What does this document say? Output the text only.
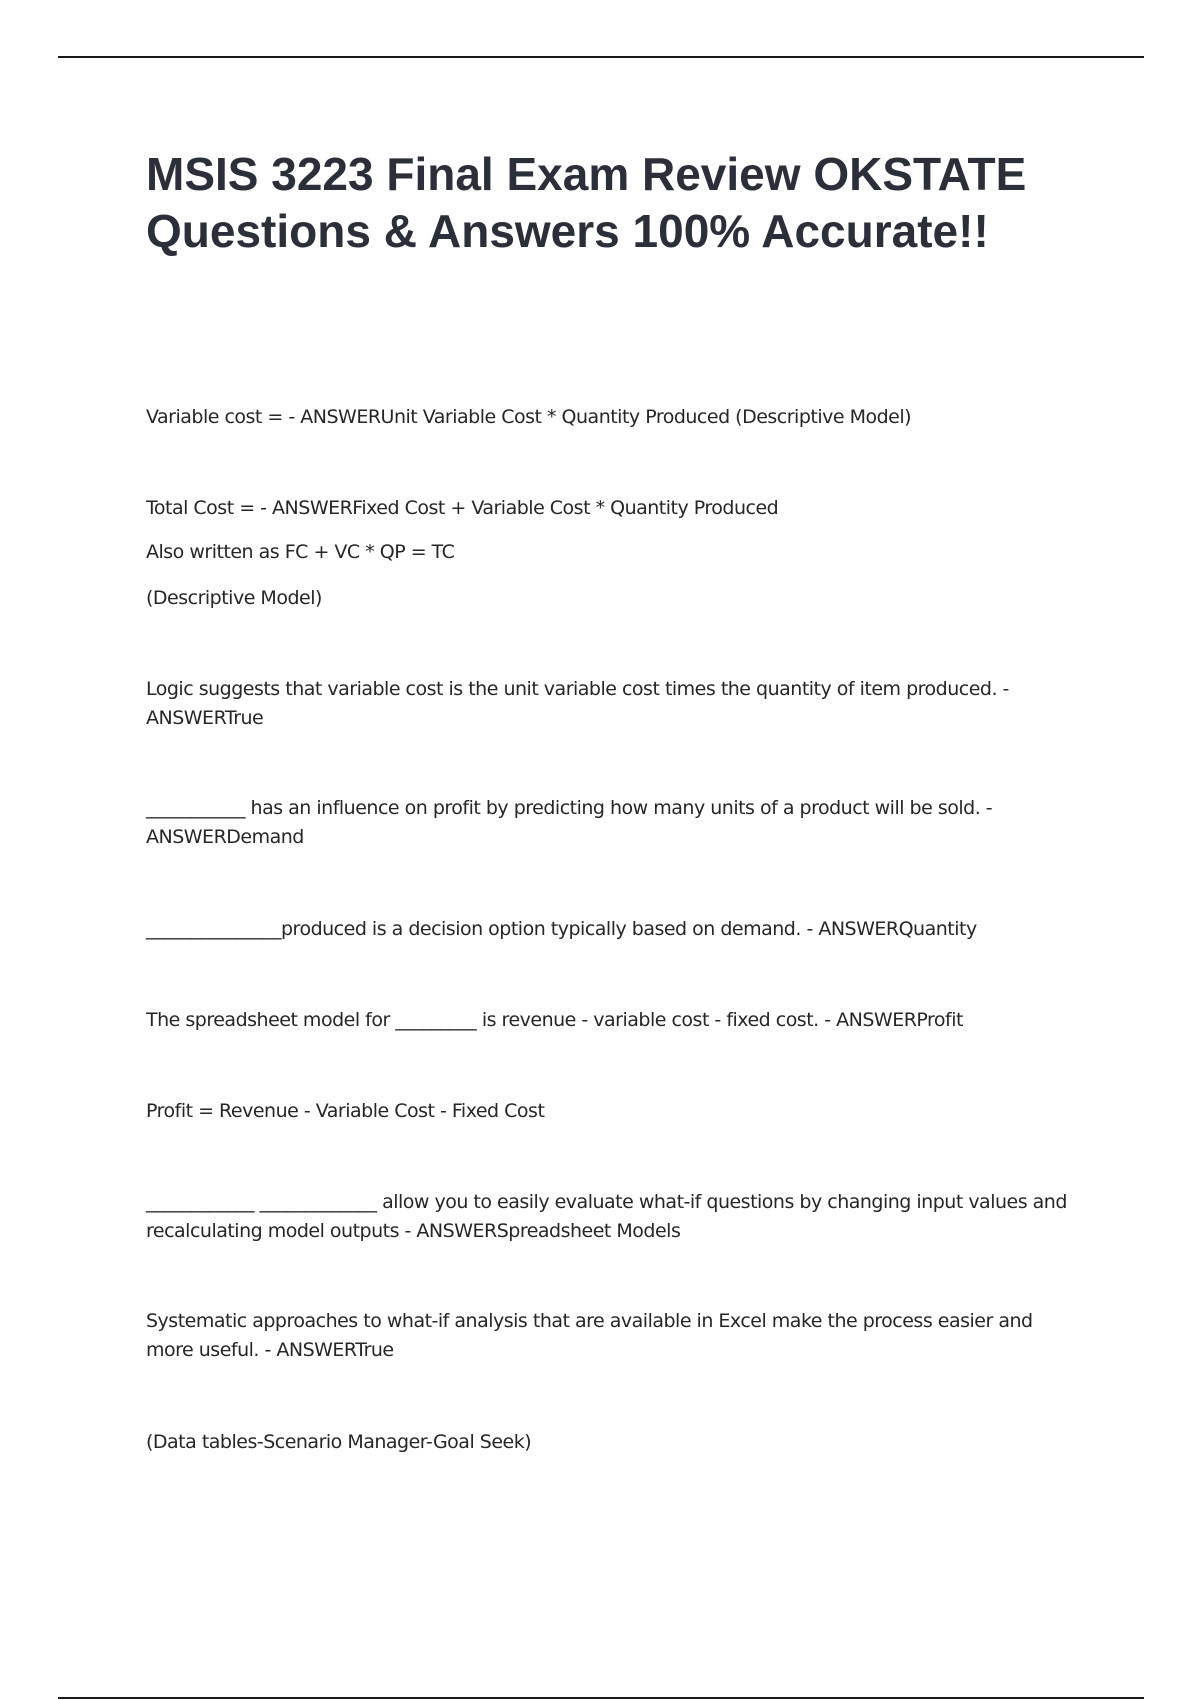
MSIS 3223 Final Exam Review OKSTATE Questions & Answers 100% Accurate!!

Variable cost = - ANSWERUnit Variable Cost * Quantity Produced (Descriptive Model)

Total Cost = - ANSWERFixed Cost + Variable Cost * Quantity Produced

Also written as FC + VC * QP = TC

(Descriptive Model)

Logic suggests that variable cost is the unit variable cost times the quantity of item produced. - ANSWERTrue

___________ has an influence on profit by predicting how many units of a product will be sold. - ANSWERDemand

_______________produced is a decision option typically based on demand. - ANSWERQuantity

The spreadsheet model for _________ is revenue - variable cost - fixed cost. - ANSWERProfit

Profit = Revenue - Variable Cost - Fixed Cost

____________ _____________ allow you to easily evaluate what-if questions by changing input values and recalculating model outputs - ANSWERSpreadsheet Models

Systematic approaches to what-if analysis that are available in Excel make the process easier and more useful. - ANSWERTrue

(Data tables-Scenario Manager-Goal Seek)
